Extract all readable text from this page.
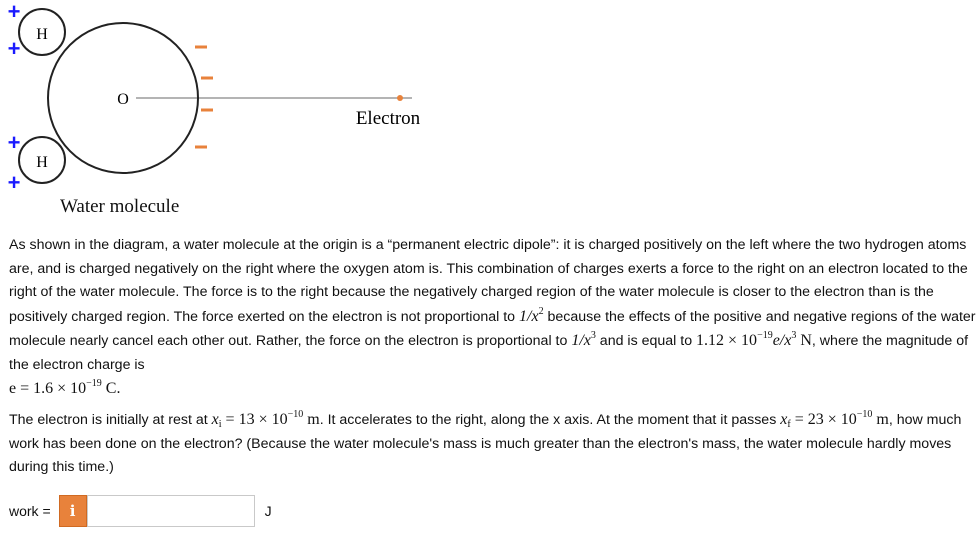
H
H
O
+
+
+
+
Electron
Water molecule
As shown in the diagram, a water molecule at the origin is a “permanent electric dipole”: it is charged positively on the left where the two hydrogen atoms are, and is charged negatively on the right where the oxygen atom is. This combination of charges exerts a force to the right on an electron located to the right of the water molecule. The force is to the right because the negatively charged region of the water molecule is closer to the electron than is the positively charged region. The force exerted on the electron is not proportional to $1/x^2$ because the effects of the positive and negative regions of the water molecule nearly cancel each other out. Rather, the force on the electron is proportional to $1/x^3$ and is equal to $1.12 \times 10^{-19}e/x^3$ N, where the magnitude of the electron charge is
$e = 1.6 \times 10^{-19}$ C.
The electron is initially at rest at $x_i = 13 \times 10^{-10}$ m. It accelerates to the right, along the x axis. At the moment that it passes $x_f = 23 \times 10^{-10}$ m, how much work has been done on the electron? (Because the water molecule's mass is much greater than the electron's mass, the water molecule hardly moves during this time.)
work =	i	J
